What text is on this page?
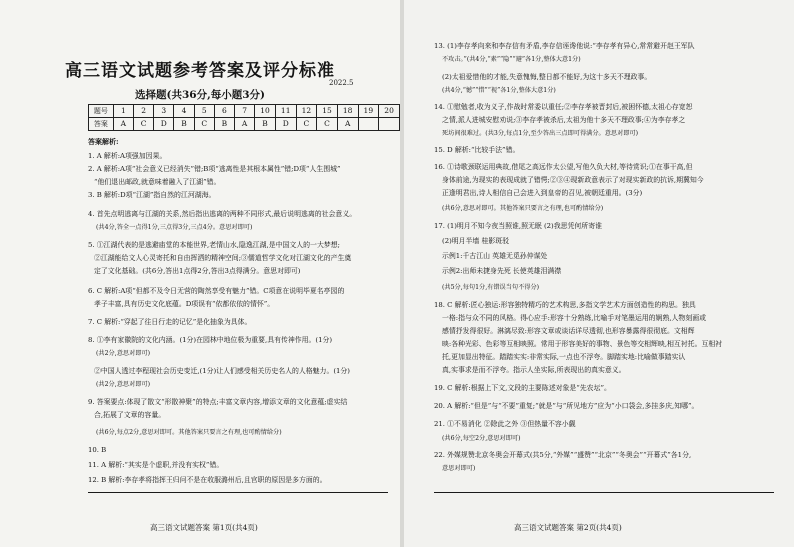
高三语文试题参考答案及评分标准
2022.5
选择题(共36分,每小题3分)
题号	1	2	3	4	5	6	7	10	11	12	15	18	19	20
答案	A	C	D	B	C	B	A	B	D	C	C	A		
答案解析:
1. A 解析:A项强加因果。
2. A 解析:A项“社会意义已经消失”错;B项“逃离性是其根本属性”错;D项“人生围城”
“他们退出邮政,就意味着融入了江湖”错。
3. B 解析:D项“江湖”指自然的江河湖海。
4. 首先点明逃离与江湖的关系,然后指出逃离的两种不同形式,最后说明逃离的社会意义。
(共4分,答全一点得1分,三点得3分,三点4分。意思对即可)
5. ①江湖代表的是逃避庙堂的本能世界,老情山水,隐逸江湖,是中国文人的一大梦想;
②江湖能给文人心灵寄托和自由挥洒的精神空间;③儒道哲学文化对江湖文化的产生奠
定了文化基础。(共6分,答出1点得2分,答出3点得满分。意思对即可)
6. C 解析:A项“但都不及令日无营的陶然享受有魅力”错。C项意在说明毕夏名亭园的
孝子丰富,具有历史文化底蕴。D项误有“依都依依的情怀”。
7. C 解析:“穿起了往日行走的记忆”是化抽象为具体。
8. ①李有家徽院的文化内涵。(1分)在园林中地位极为重要,具有传神作用。(1分)
(共2分,意思对即可)
②中国人透过李程现社会历史变迁,(1分)让人们感受相关历史名人的人格魅力。(1分)
(共2分,意思对即可)
9. 答案要点:体现了散文“形散神聚”的特点;丰富文章内容,增添文章的文化意蕴;虚实结
合,拓展了文章的容量。
(共6分,每点2分,意思对即可。其他答案只要言之有理,也可酌情给分)
10. B
11. A 解析:“其实是个虚职,并没有实权”错。
12. B 解析:李存孝将指挥王归问不是在收服潞州后,且官职的原因是多方面的。
高三语文试题答案 第1页(共4页)
13. (1)李存孝向来和李存信有矛盾,李存信诬谗他说:“李存孝有异心,常常避开赵王军队
不攻击。”(共4分,“素”“隐”“避”各1分,整体大意1分)
(2)太祖爱惜他的才能,失意愧悔,整日都不能好,为这十多天不理政事。
(共4分,“憾”“惜”“视”各1分,整体大意1分)
14. ①慰勉者,收为义子,作战时常委以重任;②李存孝被晋封后,被困怀德,太祖心存宽恕
之情,派人进城安慰劝说;③李存孝被杀后,太祖为他十多天不理政事;④为李存孝之
死坊间很难过。(共3分,每点1分,至少答出三点即可得满分。意思对即可)
15. D 解析:“比较手法”错。
16. ①诗歌颈联运用典故,借尾之高远作太公望,写他久负大材,等待赏识;①在事干高,但
身体前途,为现实的表现成就了错愕;②③④现新政意表示了对现实新政的抗诉,期冀知今
正逢明君出,诗人相信自己会进入到皇帝的召见,被朝廷重用。(3分)
(共6分,意思对即可。其他答案只要言之有理,也可酌情给分)
17. (1)明月不知今夜当照谁,照无眠 (2)我思凭何所寄谁
(2)明月半墙 桂影斑驳
示例1:千古江山 英雄无觅孙仲谋处
示例2:出师未捷身先死 长使英雄泪满襟
(共5分,每句1分,有错误当句不得分)
18. C 解析:匠心独运:形容独特精巧的艺术构思,多指文学艺术方面创造性的构思。独具
一格:指与众不同的风格。得心应手:形容十分熟练,比喻手对笔墨运用的娴熟,人物刻画或
感情抒发得很好。淋漓尽致:形容文章或谈话详尽透彻,也形容暴露得很彻底。文相辉
映:各种光彩、色彩等互相映照。常用于形容美好的事物、景色等交相辉映,相互衬托。互相衬
托,更加显出特征。踏踏实实:非常实际,一点也不浮夸。脚踏实地:比喻做事踏实认
真,实事求是而不浮夸。指示人坐实际,所表现出的真实意义。
19. C 解析:根据上下文,文段的主要陈述对象是“先农坛”。
20. A 解析:“但是”与“不要”重复;“就是”与“所见地方”应为“小口袋会,多挂多庆,知哪”。
21. ①不易消化 ②除此之外 ③但热量不容小觑
(共6分,每空2分,意思对即可)
22. 外媒规赞北京冬奥会开幕式(共5分,“外媒”“盛赞”“北京”“冬奥会”“开幕式”各1分,
意思对即可)
高三语文试题答案 第2页(共4页)
